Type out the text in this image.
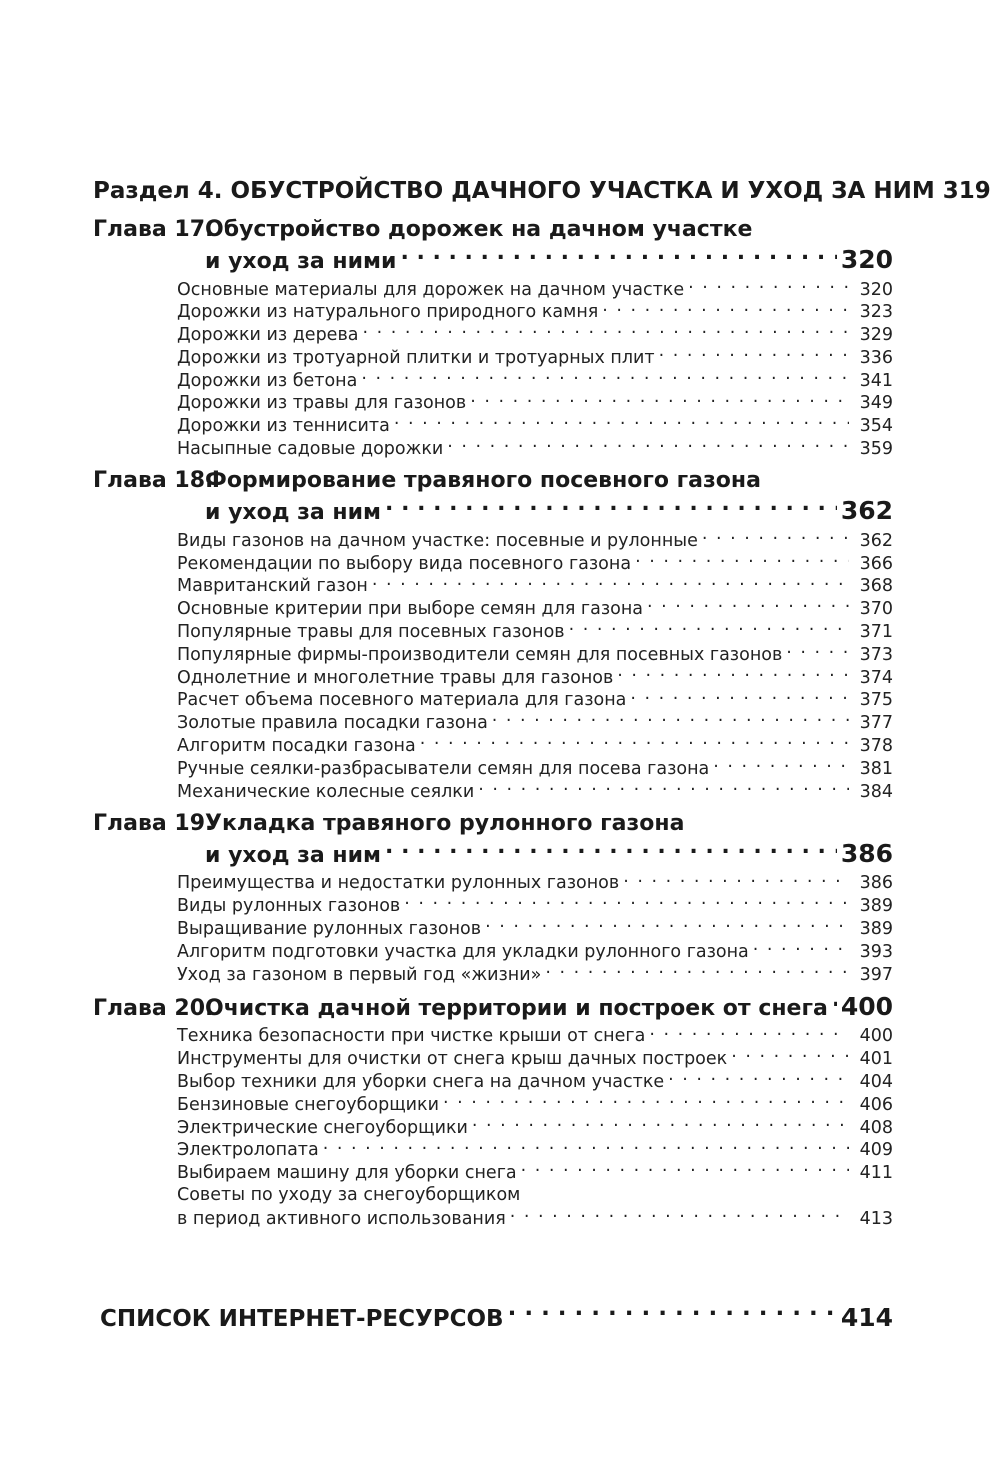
Раздел 4. ОБУСТРОЙСТВО ДАЧНОГО УЧАСТКА И УХОД ЗА НИМ 319
Глава 17.
Обустройство дорожек на дачном участке
и уход за ними . . .	320
Основные материалы для дорожек на дачном участке . . .	320
Дорожки из натурального природного камня . . .	323
Дорожки из дерева . . .	329
Дорожки из тротуарной плитки и тротуарных плит . . .	336
Дорожки из бетона . . .	341
Дорожки из травы для газонов . . .	349
Дорожки из теннисита . . .	354
Насыпные садовые дорожки . . .	359
Глава 18.
Формирование травяного посевного газона
и уход за ним . . .	362
Виды газонов на дачном участке: посевные и рулонные . . .	362
Рекомендации по выбору вида посевного газона . . .	366
Мавританский газон . . .	368
Основные критерии при выборе семян для газона . . .	370
Популярные травы для посевных газонов . . .	371
Популярные фирмы-производители семян для посевных газонов . . .	373
Однолетние и многолетние травы для газонов . . .	374
Расчет объема посевного материала для газона . . .	375
Золотые правила посадки газона . . .	377
Алгоритм посадки газона . . .	378
Ручные сеялки-разбрасыватели семян для посева газона . . .	381
Механические колесные сеялки . . .	384
Глава 19.
Укладка травяного рулонного газона
и уход за ним . . .	386
Преимущества и недостатки рулонных газонов . . .	386
Виды рулонных газонов . . .	389
Выращивание рулонных газонов . . .	389
Алгоритм подготовки участка для укладки рулонного газона . . .	393
Уход за газоном в первый год «жизни» . . .	397
Глава 20.
Очистка дачной территории и построек от снега . . . 400
Техника безопасности при чистке крыши от снега . . .	400
Инструменты для очистки от снега крыш дачных построек . . .	401
Выбор техники для уборки снега на дачном участке . . .	404
Бензиновые снегоуборщики . . .	406
Электрические снегоуборщики . . .	408
Электролопата . . .	409
Выбираем машину для уборки снега . . .	411
Советы по уходу за снегоуборщиком
в период активного использования . . .	413
СПИСОК ИНТЕРНЕТ-РЕСУРСОВ . . .	414
